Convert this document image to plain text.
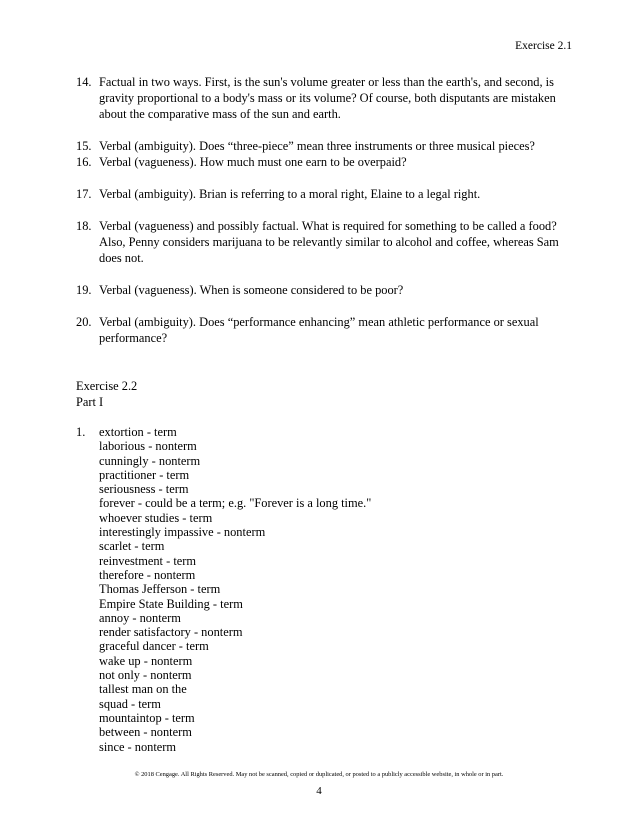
Exercise 2.1
14. Factual in two ways. First, is the sun's volume greater or less than the earth's, and second, is gravity proportional to a body's mass or its volume? Of course, both disputants are mistaken about the comparative mass of the sun and earth.
15. Verbal (ambiguity). Does “three-piece” mean three instruments or three musical pieces?
16. Verbal (vagueness). How much must one earn to be overpaid?
17. Verbal (ambiguity). Brian is referring to a moral right, Elaine to a legal right.
18. Verbal (vagueness) and possibly factual. What is required for something to be called a food? Also, Penny considers marijuana to be relevantly similar to alcohol and coffee, whereas Sam does not.
19. Verbal (vagueness). When is someone considered to be poor?
20. Verbal (ambiguity). Does “performance enhancing” mean athletic performance or sexual performance?
Exercise 2.2
Part I
1.	extortion - term
laborious - nonterm
cunningly - nonterm
practitioner - term
seriousness - term
forever - could be a term; e.g. "Forever is a long time."
whoever studies - term
interestingly impassive - nonterm
scarlet - term
reinvestment - term
therefore - nonterm
Thomas Jefferson - term
Empire State Building - term
annoy - nonterm
render satisfactory - nonterm
graceful dancer - term
wake up - nonterm
not only - nonterm
tallest man on the
squad - term
mountaintop - term
between - nonterm
since - nonterm
© 2018 Cengage. All Rights Reserved. May not be scanned, copied or duplicated, or posted to a publicly accessible website, in whole or in part.
4
